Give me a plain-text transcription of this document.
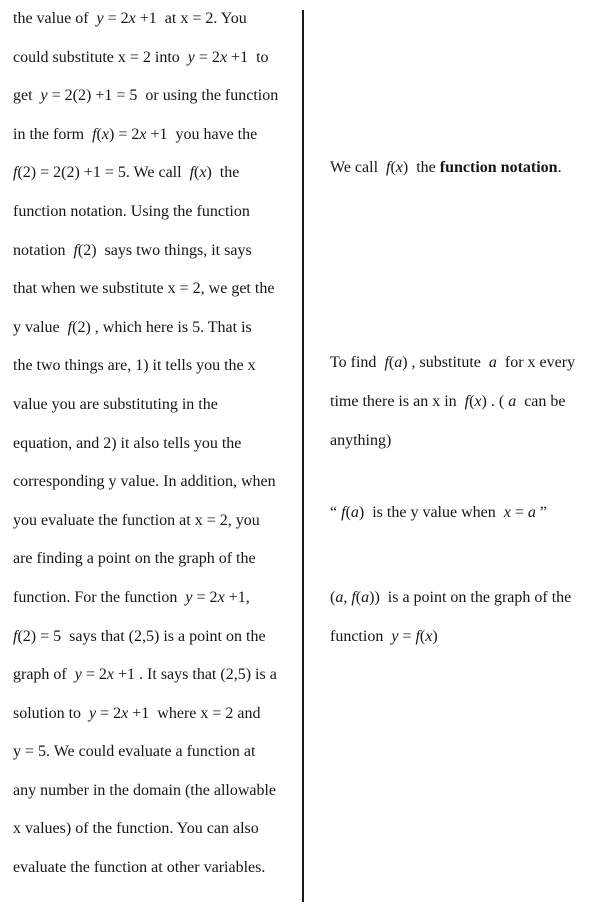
the value of  y = 2x +1  at x = 2. You
could substitute x = 2 into  y = 2x +1  to
get  y = 2(2) +1 = 5  or using the function
in the form  f(x) = 2x +1  you have the
f(2) = 2(2) +1 = 5. We call  f(x)  the
function notation. Using the function
notation  f(2)  says two things, it says
that when we substitute x = 2, we get the
y value  f(2) , which here is 5. That is
the two things are, 1) it tells you the x
value you are substituting in the
equation, and 2) it also tells you the
corresponding y value. In addition, when
you evaluate the function at x = 2, you
are finding a point on the graph of the
function. For the function  y = 2x +1,
f(2) = 5  says that (2,5) is a point on the
graph of  y = 2x +1 . It says that (2,5) is a
solution to  y = 2x +1  where x = 2 and
y = 5. We could evaluate a function at
any number in the domain (the allowable
x values) of the function. You can also
evaluate the function at other variables.
We call  f(x)  the function notation.
To find  f(a) , substitute  a  for x every
time there is an x in  f(x) . ( a  can be
anything)
“ f(a)  is the y value when  x = a ”
(a, f(a))  is a point on the graph of the
function  y = f(x)
